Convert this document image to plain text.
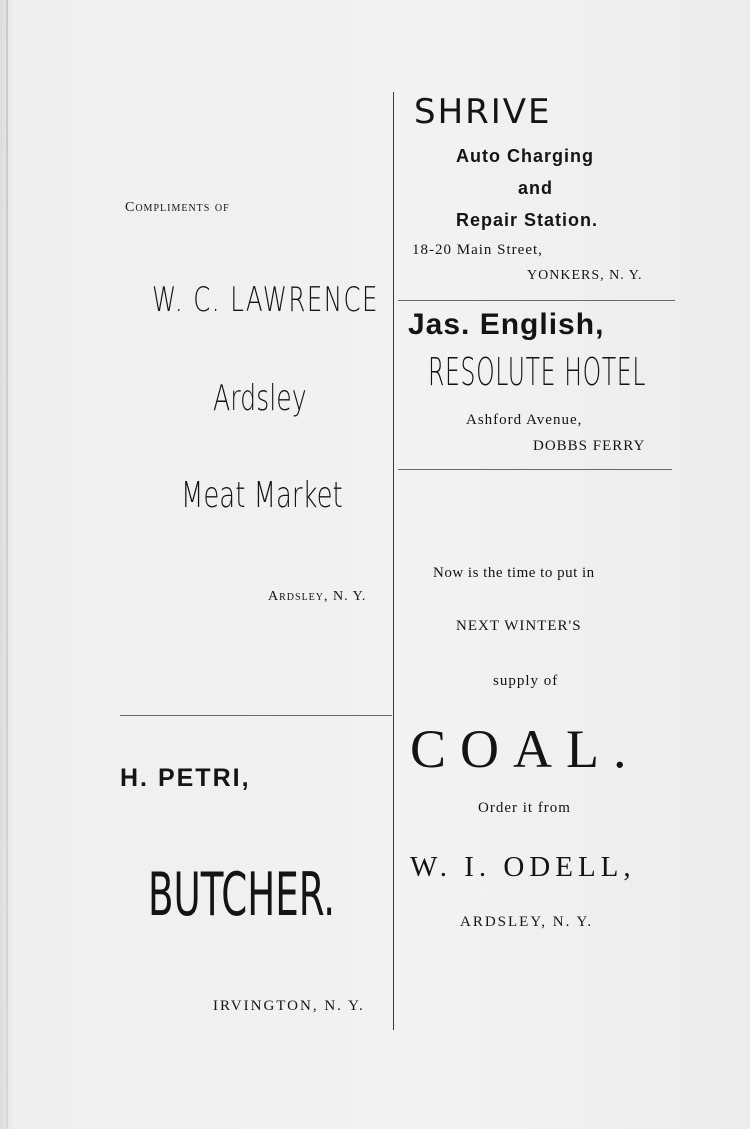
Compliments of
W. C. LAWRENCE
Ardsley
Meat Market
Ardsley, N. Y.
H. PETRI,
BUTCHER.
IRVINGTON, N. Y.
SHRIVE
Auto Charging
and
Repair Station.
18-20 Main Street,
YONKERS, N. Y.
Jas. English,
RESOLUTE HOTEL
Ashford Avenue,
DOBBS FERRY
Now is the time to put in
NEXT WINTER'S
supply of
COAL.
Order it from
W. I. ODELL,
ARDSLEY, N. Y.
